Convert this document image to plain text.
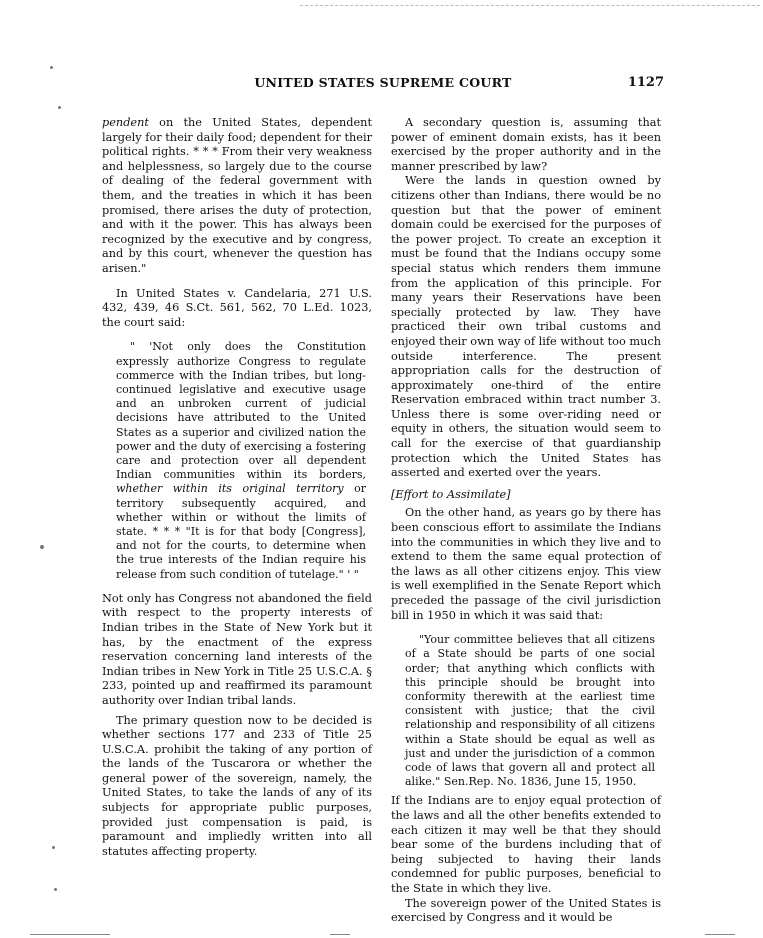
UNITED STATES SUPREME COURT	1127

pendent on the United States, dependent largely for their daily food; dependent for their political rights. * * * From their very weakness and helplessness, so largely due to the course of dealing of the federal government with them, and the treaties in which it has been promised, there arises the duty of protection, and with it the power. This has always been recognized by the executive and by congress, and by this court, whenever the question has arisen."

In United States v. Candelaria, 271 U.S. 432, 439, 46 S.Ct. 561, 562, 70 L.Ed. 1023, the court said:

" 'Not only does the Constitution expressly authorize Congress to regulate commerce with the Indian tribes, but long-continued legislative and executive usage and an unbroken current of judicial decisions have attributed to the United States as a superior and civilized nation the power and the duty of exercising a fostering care and protection over all dependent Indian communities within its borders, whether within its original territory or territory subsequently acquired, and whether within or without the limits of state. * * * "It is for that body [Congress], and not for the courts, to determine when the true interests of the Indian require his release from such condition of tutelage." ' "

Not only has Congress not abandoned the field with respect to the property interests of Indian tribes in the State of New York but it has, by the enactment of the express reservation concerning land interests of the Indian tribes in New York in Title 25 U.S.C.A. § 233, pointed up and reaffirmed its paramount authority over Indian tribal lands.

The primary question now to be decided is whether sections 177 and 233 of Title 25 U.S.C.A. prohibit the taking of any portion of the lands of the Tuscarora or whether the general power of the sovereign, namely, the United States, to take the lands of any of its subjects for appropriate public purposes, provided just compensation is paid, is paramount and impliedly written into all statutes affecting property.

A secondary question is, assuming that power of eminent domain exists, has it been exercised by the proper authority and in the manner prescribed by law?

Were the lands in question owned by citizens other than Indians, there would be no question but that the power of eminent domain could be exercised for the purposes of the power project. To create an exception it must be found that the Indians occupy some special status which renders them immune from the application of this principle. For many years their Reservations have been specially protected by law. They have practiced their own tribal customs and enjoyed their own way of life without too much outside interference. The present appropriation calls for the destruction of approximately one-third of the entire Reservation embraced within tract number 3. Unless there is some over-riding need or equity in others, the situation would seem to call for the exercise of that guardianship protection which the United States has asserted and exerted over the years.

[Effort to Assimilate]

On the other hand, as years go by there has been conscious effort to assimilate the Indians into the communities in which they live and to extend to them the same equal protection of the laws as all other citizens enjoy. This view is well exemplified in the Senate Report which preceded the passage of the civil jurisdiction bill in 1950 in which it was said that:

"Your committee believes that all citizens of a State should be parts of one social order; that anything which conflicts with this principle should be brought into conformity therewith at the earliest time consistent with justice; that the civil relationship and responsibility of all citizens within a State should be equal as well as just and under the jurisdiction of a common code of laws that govern all and protect all alike." Sen.Rep. No. 1836, June 15, 1950.

If the Indians are to enjoy equal protection of the laws and all the other benefits extended to each citizen it may well be that they should bear some of the burdens including that of being subjected to having their lands condemned for public purposes, beneficial to the State in which they live.

The sovereign power of the United States is exercised by Congress and it would be
